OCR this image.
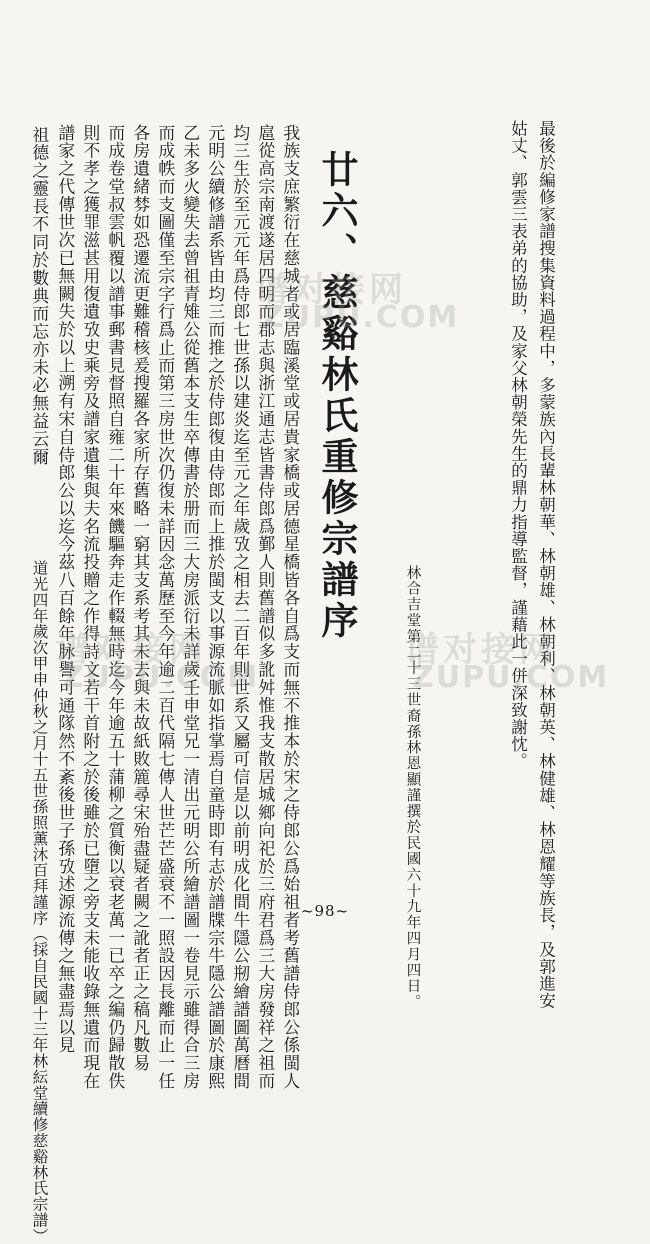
最後於編修家譜搜集資料過程中，多蒙族內長輩林朝華、林朝雄、林朝利、林朝英、林健雄、林恩耀等族長，及郭進安
姑丈、郭雲三表弟的協助，及家父林朝榮先生的鼎力指導監督，謹藉此一併深致謝忱。
林合吉堂第二十三世裔孫林恩顯謹撰於民國六十九年四月四日。
廿六、慈谿林氏重修宗譜序
我族支庶繁衍在慈城者或居臨溪堂或居貴家橋或居德星橋皆各自爲支而無不推本於宋之侍郎公爲始祖者考舊譜侍郎公係閩人
扈從高宗南渡遂居四明而郡志與浙江通志皆書侍郎爲鄞人則舊譜似多訛舛惟我支散居城鄉向祀於三府君爲三大房發祥之祖而
均三生於至元元年爲侍郎七世孫以建炎迄至元之年歲攷之相去二百年則世系又屬可信是以前明成化間牛隱公剏繪譜圖萬曆間
元明公續修譜系皆由均三而推之於侍郎復由侍郎而上推於閩支以事源流脈如指掌焉自童時即有志於譜牒宗牛隱公譜圖於康熙
乙未多火變失去曾祖青雉公從舊本支生卒傳書於册而三大房派衍未詳歲壬申堂兄一清出元明公所繪譜圖一卷見示雖得合三房
而成帙而支圖僅至宗字行爲止而第三房世次仍復未詳因念萬歷至今年逾二百代隔七傳人世芒芒盛衰不一照設因長離而止一任
各房遺緒棼如恐遷流更難稽核爰搜羅各家所存舊略一窮其支系考其未去與未故紙敗簏尋宋殆盡疑者闕之訛者正之稿凡數易
而成卷堂叔雲帆覆以譜事郵書見督照自雍二十年來饑驅奔走作輟無時迄今年逾五十蒲柳之質衡以衰老萬一已卒之編仍歸散佚
則不孝之獲罪滋甚用復遺攷史乘旁及譜家遺集與夫名流投贈之作得詩文若干首附之於後雖於已墮之旁支未能收錄無遺而現在
譜家之代傳世次已無闕失於以上溯有宋自侍郎公以迄今茲八百餘年脉譽可通隊然不紊後世子孫攷述源流傳之無盡焉以見
祖德之靈長不同於數典而忘亦未必無益云爾
道光四年歲次甲申仲秋之月十五世孫照薰沐百拜謹序（採自民國十三年林紜堂續修慈谿林氏宗譜）	~98~
谱对接网
ZUPU.COM
谱对接网
ZUPU.COM
谱对接网
ZUPU.COM
